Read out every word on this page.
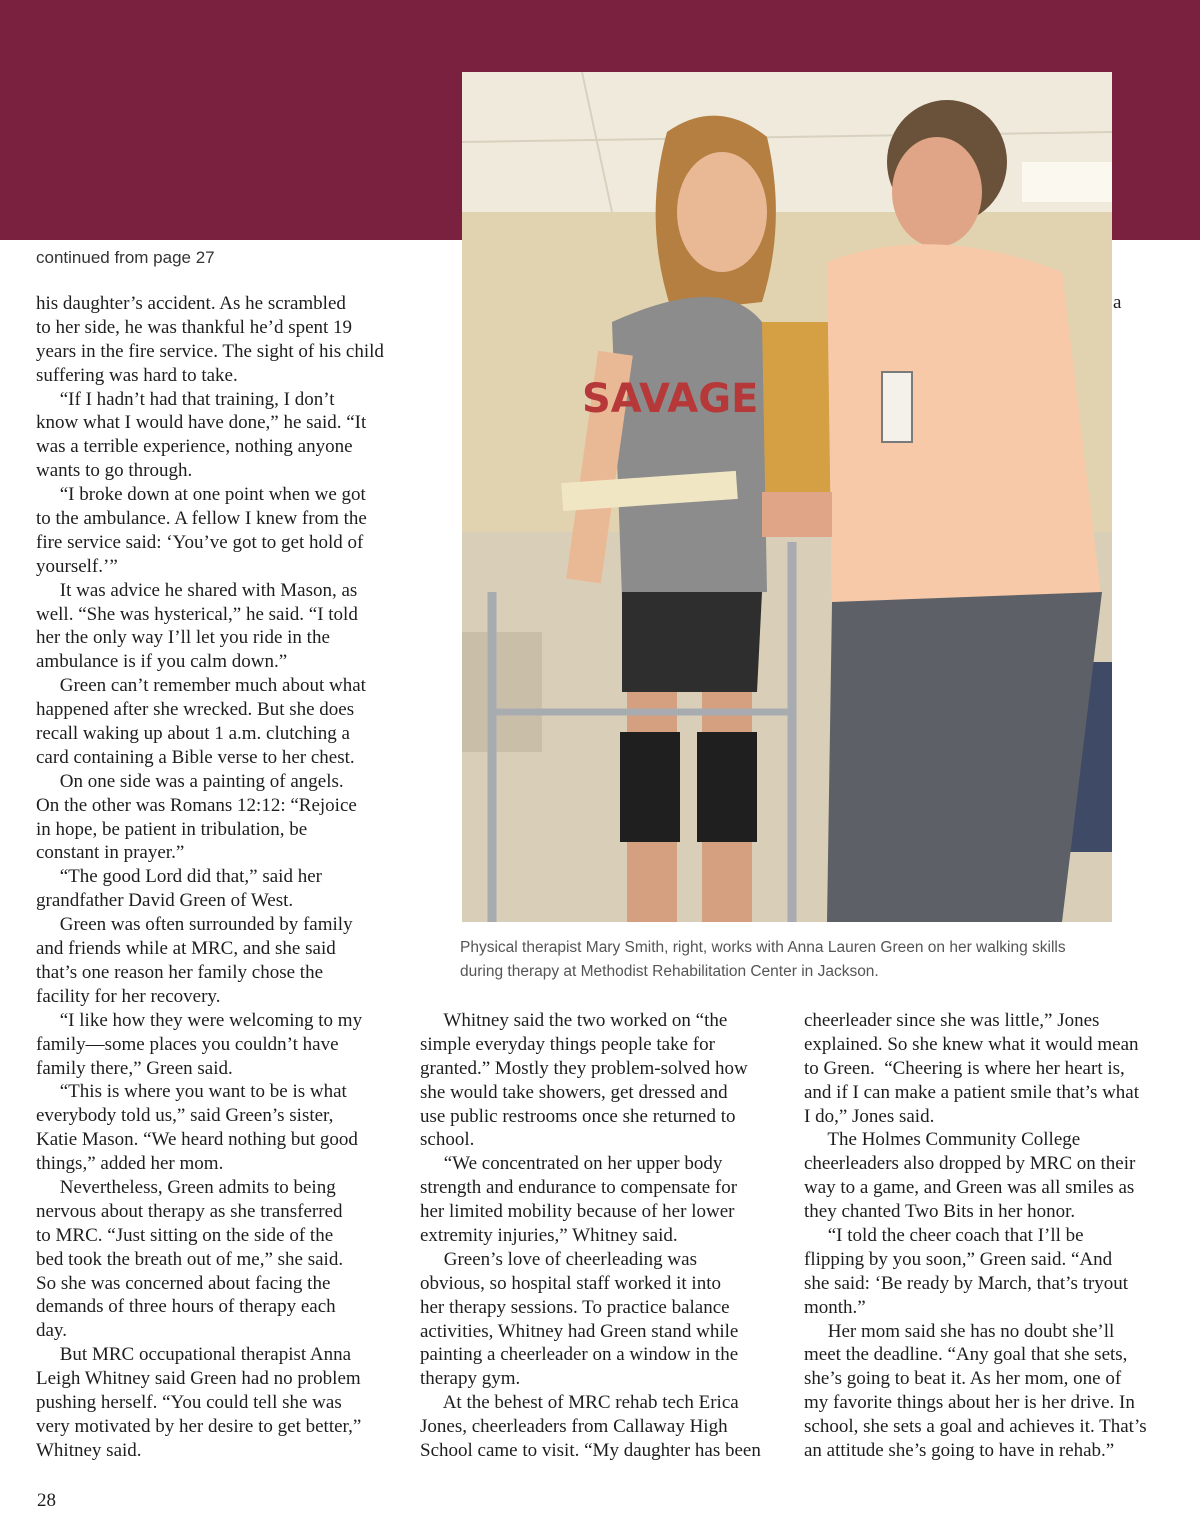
SAVAGE
a
continued from page 27
Physical therapist Mary Smith, right, works with Anna Lauren Green on her walking skills
during therapy at Methodist Rehabilitation Center in Jackson.
his daughter’s accident. As he scrambled
to her side, he was thankful he’d spent 19
years in the fire service. The sight of his child
suffering was hard to take.
“If I hadn’t had that training, I don’t
know what I would have done,” he said. “It
was a terrible experience, nothing anyone
wants to go through.
“I broke down at one point when we got
to the ambulance. A fellow I knew from the
fire service said: ‘You’ve got to get hold of
yourself.’”
It was advice he shared with Mason, as
well. “She was hysterical,” he said. “I told
her the only way I’ll let you ride in the
ambulance is if you calm down.”
Green can’t remember much about what
happened after she wrecked. But she does
recall waking up about 1 a.m. clutching a
card containing a Bible verse to her chest.
On one side was a painting of angels.
On the other was Romans 12:12: “Rejoice
in hope, be patient in tribulation, be
constant in prayer.”
“The good Lord did that,” said her
grandfather David Green of West.
Green was often surrounded by family
and friends while at MRC, and she said
that’s one reason her family chose the
facility for her recovery.
“I like how they were welcoming to my
family—some places you couldn’t have
family there,” Green said.
“This is where you want to be is what
everybody told us,” said Green’s sister,
Katie Mason. “We heard nothing but good
things,” added her mom.
Nevertheless, Green admits to being
nervous about therapy as she transferred
to MRC. “Just sitting on the side of the
bed took the breath out of me,” she said.
So she was concerned about facing the
demands of three hours of therapy each
day.
But MRC occupational therapist Anna
Leigh Whitney said Green had no problem
pushing herself. “You could tell she was
very motivated by her desire to get better,”
Whitney said.
Whitney said the two worked on “the
simple everyday things people take for
granted.” Mostly they problem-solved how
she would take showers, get dressed and
use public restrooms once she returned to
school.
“We concentrated on her upper body
strength and endurance to compensate for
her limited mobility because of her lower
extremity injuries,” Whitney said.
Green’s love of cheerleading was
obvious, so hospital staff worked it into
her therapy sessions. To practice balance
activities, Whitney had Green stand while
painting a cheerleader on a window in the
therapy gym.
At the behest of MRC rehab tech Erica
Jones, cheerleaders from Callaway High
School came to visit. “My daughter has been
cheerleader since she was little,” Jones
explained. So she knew what it would mean
to Green.  “Cheering is where her heart is,
and if I can make a patient smile that’s what
I do,” Jones said.
The Holmes Community College
cheerleaders also dropped by MRC on their
way to a game, and Green was all smiles as
they chanted Two Bits in her honor.
“I told the cheer coach that I’ll be
flipping by you soon,” Green said. “And
she said: ‘Be ready by March, that’s tryout
month.”
Her mom said she has no doubt she’ll
meet the deadline. “Any goal that she sets,
she’s going to beat it. As her mom, one of
my favorite things about her is her drive. In
school, she sets a goal and achieves it. That’s
an attitude she’s going to have in rehab.”
28
